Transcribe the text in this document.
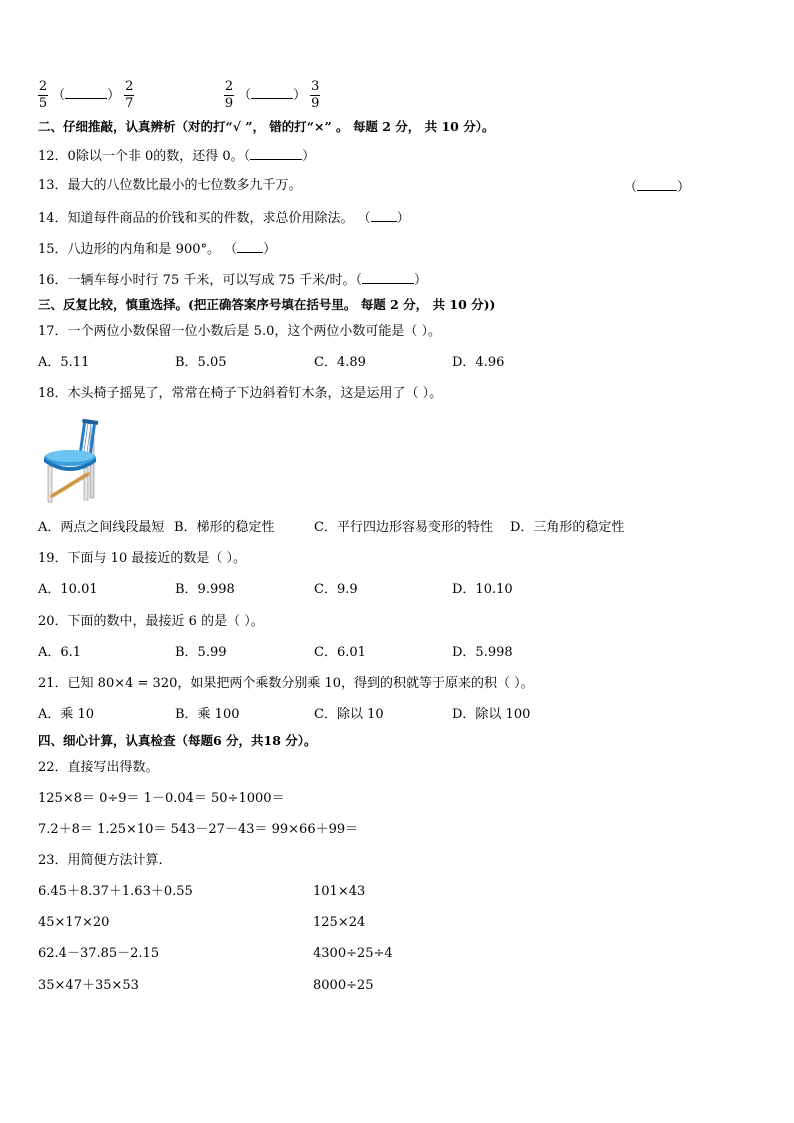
$\frac{2}{5}$ （	） $\frac{2}{7}$	$\frac{2}{9}$ （	） $\frac{3}{9}$
二、仔细推敲，认真辨析（对的打“√ ”， 错的打“×” 。 每题 2 分， 共 10 分）。
12．0除以一个非 0的数，还得 0。（	）
13．最大的八位数比最小的七位数多九千万。	（	）
14．知道每件商品的价钱和买的件数，求总价用除法。 （ ）
15．八边形的内角和是 900°。 （ ）
16．一辆车每小时行 75 千米，可以写成 75 千米/时。（	）
三、反复比较，慎重选择。(把正确答案序号填在括号里。 每题 2 分， 共 10 分))
17．一个两位小数保留一位小数后是 5.0，这个两位小数可能是（ ）。
A．5.11	B．5.05	C．4.89	D．4.96
18．木头椅子摇晃了，常常在椅子下边斜着钉木条，这是运用了（ ）。
A．两点之间线段最短 B．梯形的稳定性	C．平行四边形容易变形的特性 D．三角形的稳定性
19．下面与 10 最接近的数是（ ）。
A．10.01	B．9.998	C．9.9	D．10.10
20．下面的数中，最接近 6 的是（ ）。
A．6.1	B．5.99	C．6.01	D．5.998
21．已知 80×4 = 320，如果把两个乘数分别乘 10，得到的积就等于原来的积（ ）。
A．乘 10	B．乘 100	C．除以 10	D．除以 100
四、细心计算，认真检查（每题6 分，共18 分）。
22．直接写出得数。
125×8＝ 0÷9＝ 1－0.04＝ 50÷1000＝
7.2＋8＝ 1.25×10＝ 543－27－43＝ 99×66＋99＝
23．用简便方法计算.
6.45＋8.37＋1.63＋0.55	101×43
45×17×20	125×24
62.4－37.85－2.15	4300÷25÷4
35×47＋35×53	8000÷25
